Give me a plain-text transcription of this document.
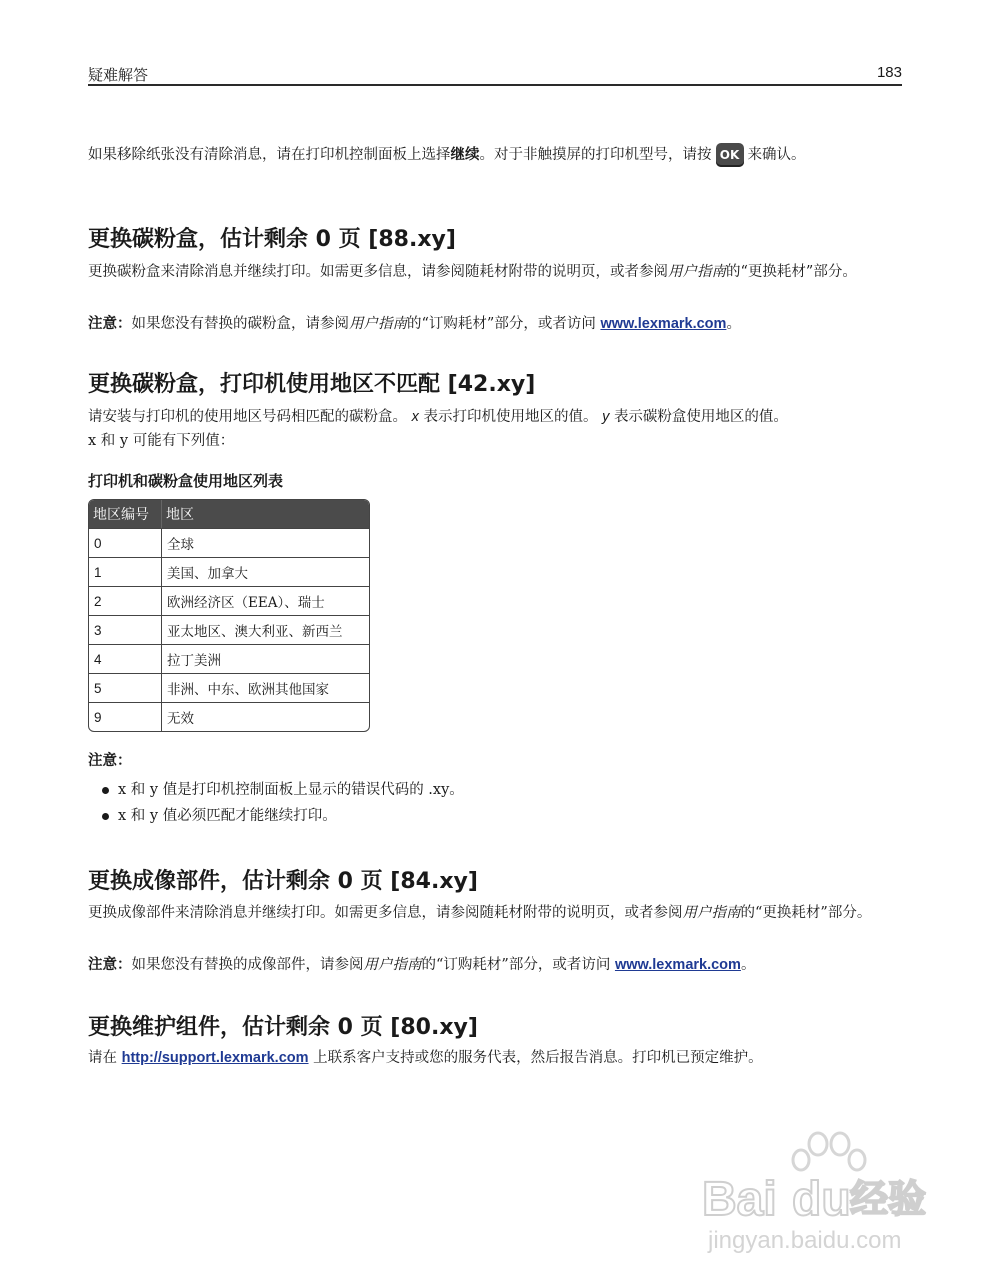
疑难解答	183
如果移除纸张没有清除消息，请在打印机控制面板上选择继续。对于非触摸屏的打印机型号，请按 OK 来确认。
更换碳粉盒，估计剩余 0 页 [88.xy]
更换碳粉盒来清除消息并继续打印。如需更多信息，请参阅随耗材附带的说明页，或者参阅用户指南的“更换耗材”部分。
注意：如果您没有替换的碳粉盒，请参阅用户指南的“订购耗材”部分，或者访问 www.lexmark.com。
更换碳粉盒，打印机使用地区不匹配 [42.xy]
请安装与打印机的使用地区号码相匹配的碳粉盒。 x 表示打印机使用地区的值。 y 表示碳粉盒使用地区的值。
x 和 y 可能有下列值：
打印机和碳粉盒使用地区列表
地区编号	地区
0	全球
1	美国、加拿大
2	欧洲经济区（EEA）、瑞士
3	亚太地区、澳大利亚、新西兰
4	拉丁美洲
5	非洲、中东、欧洲其他国家
9	无效
注意：
x 和 y 值是打印机控制面板上显示的错误代码的 .xy。
x 和 y 值必须匹配才能继续打印。
更换成像部件，估计剩余 0 页 [84.xy]
更换成像部件来清除消息并继续打印。如需更多信息，请参阅随耗材附带的说明页，或者参阅用户指南的“更换耗材”部分。
注意：如果您没有替换的成像部件，请参阅用户指南的“订购耗材”部分，或者访问 www.lexmark.com。
更换维护组件，估计剩余 0 页 [80.xy]
请在 http://support.lexmark.com 上联系客户支持或您的服务代表，然后报告消息。打印机已预定维护。
Bai du 经验
jingyan.baidu.com
